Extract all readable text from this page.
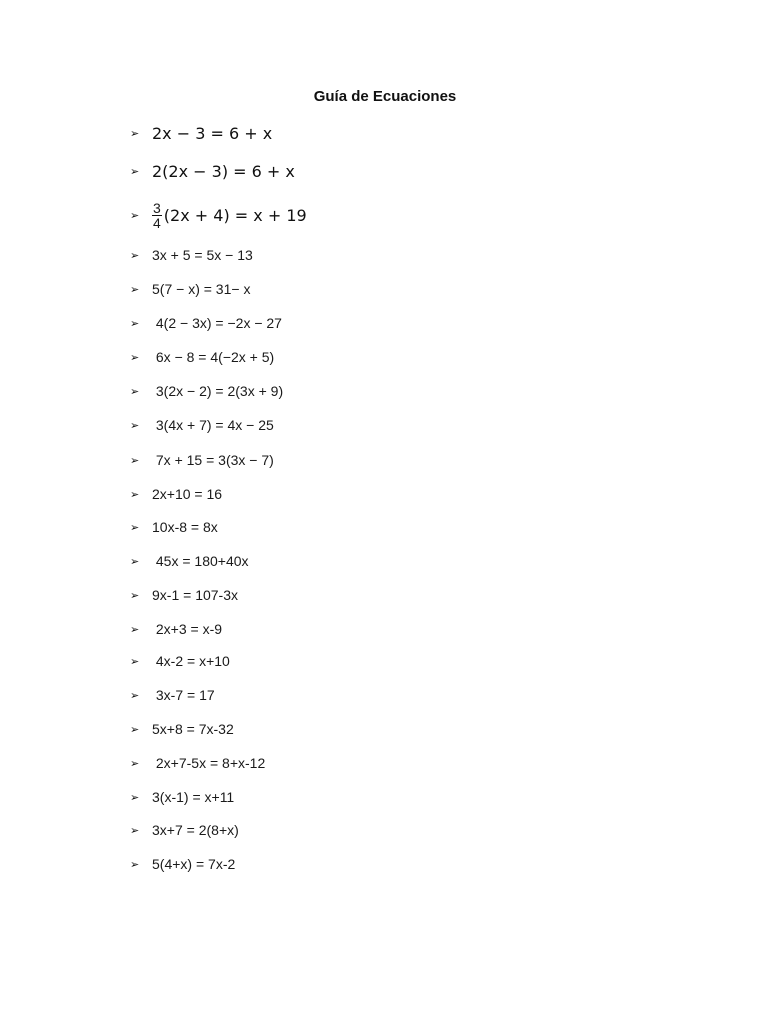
Guía de Ecuaciones
➢ 2x − 3 = 6 + x
➢ 2(2x − 3) = 6 + x
➢ $\frac{3}{4} (2x + 4) = x + 19$
➢ 3x + 5 = 5x − 13
➢ 5(7 − x) = 31− x
➢ 4(2 − 3x) = −2x − 27
➢ 6x − 8 = 4(−2x + 5)
➢ 3(2x − 2) = 2(3x + 9)
➢ 3(4x + 7) = 4x − 25
➢ 7x + 15 = 3(3x − 7)
➢ 2x+10 = 16
➢ 10x-8 = 8x
➢ 45x = 180+40x
➢ 9x-1 = 107-3x
➢ 2x+3 = x-9
➢ 4x-2 = x+10
➢ 3x-7 = 17
➢ 5x+8 = 7x-32
➢ 2x+7-5x = 8+x-12
➢ 3(x-1) = x+11
➢ 3x+7 = 2(8+x)
➢ 5(4+x) = 7x-2
